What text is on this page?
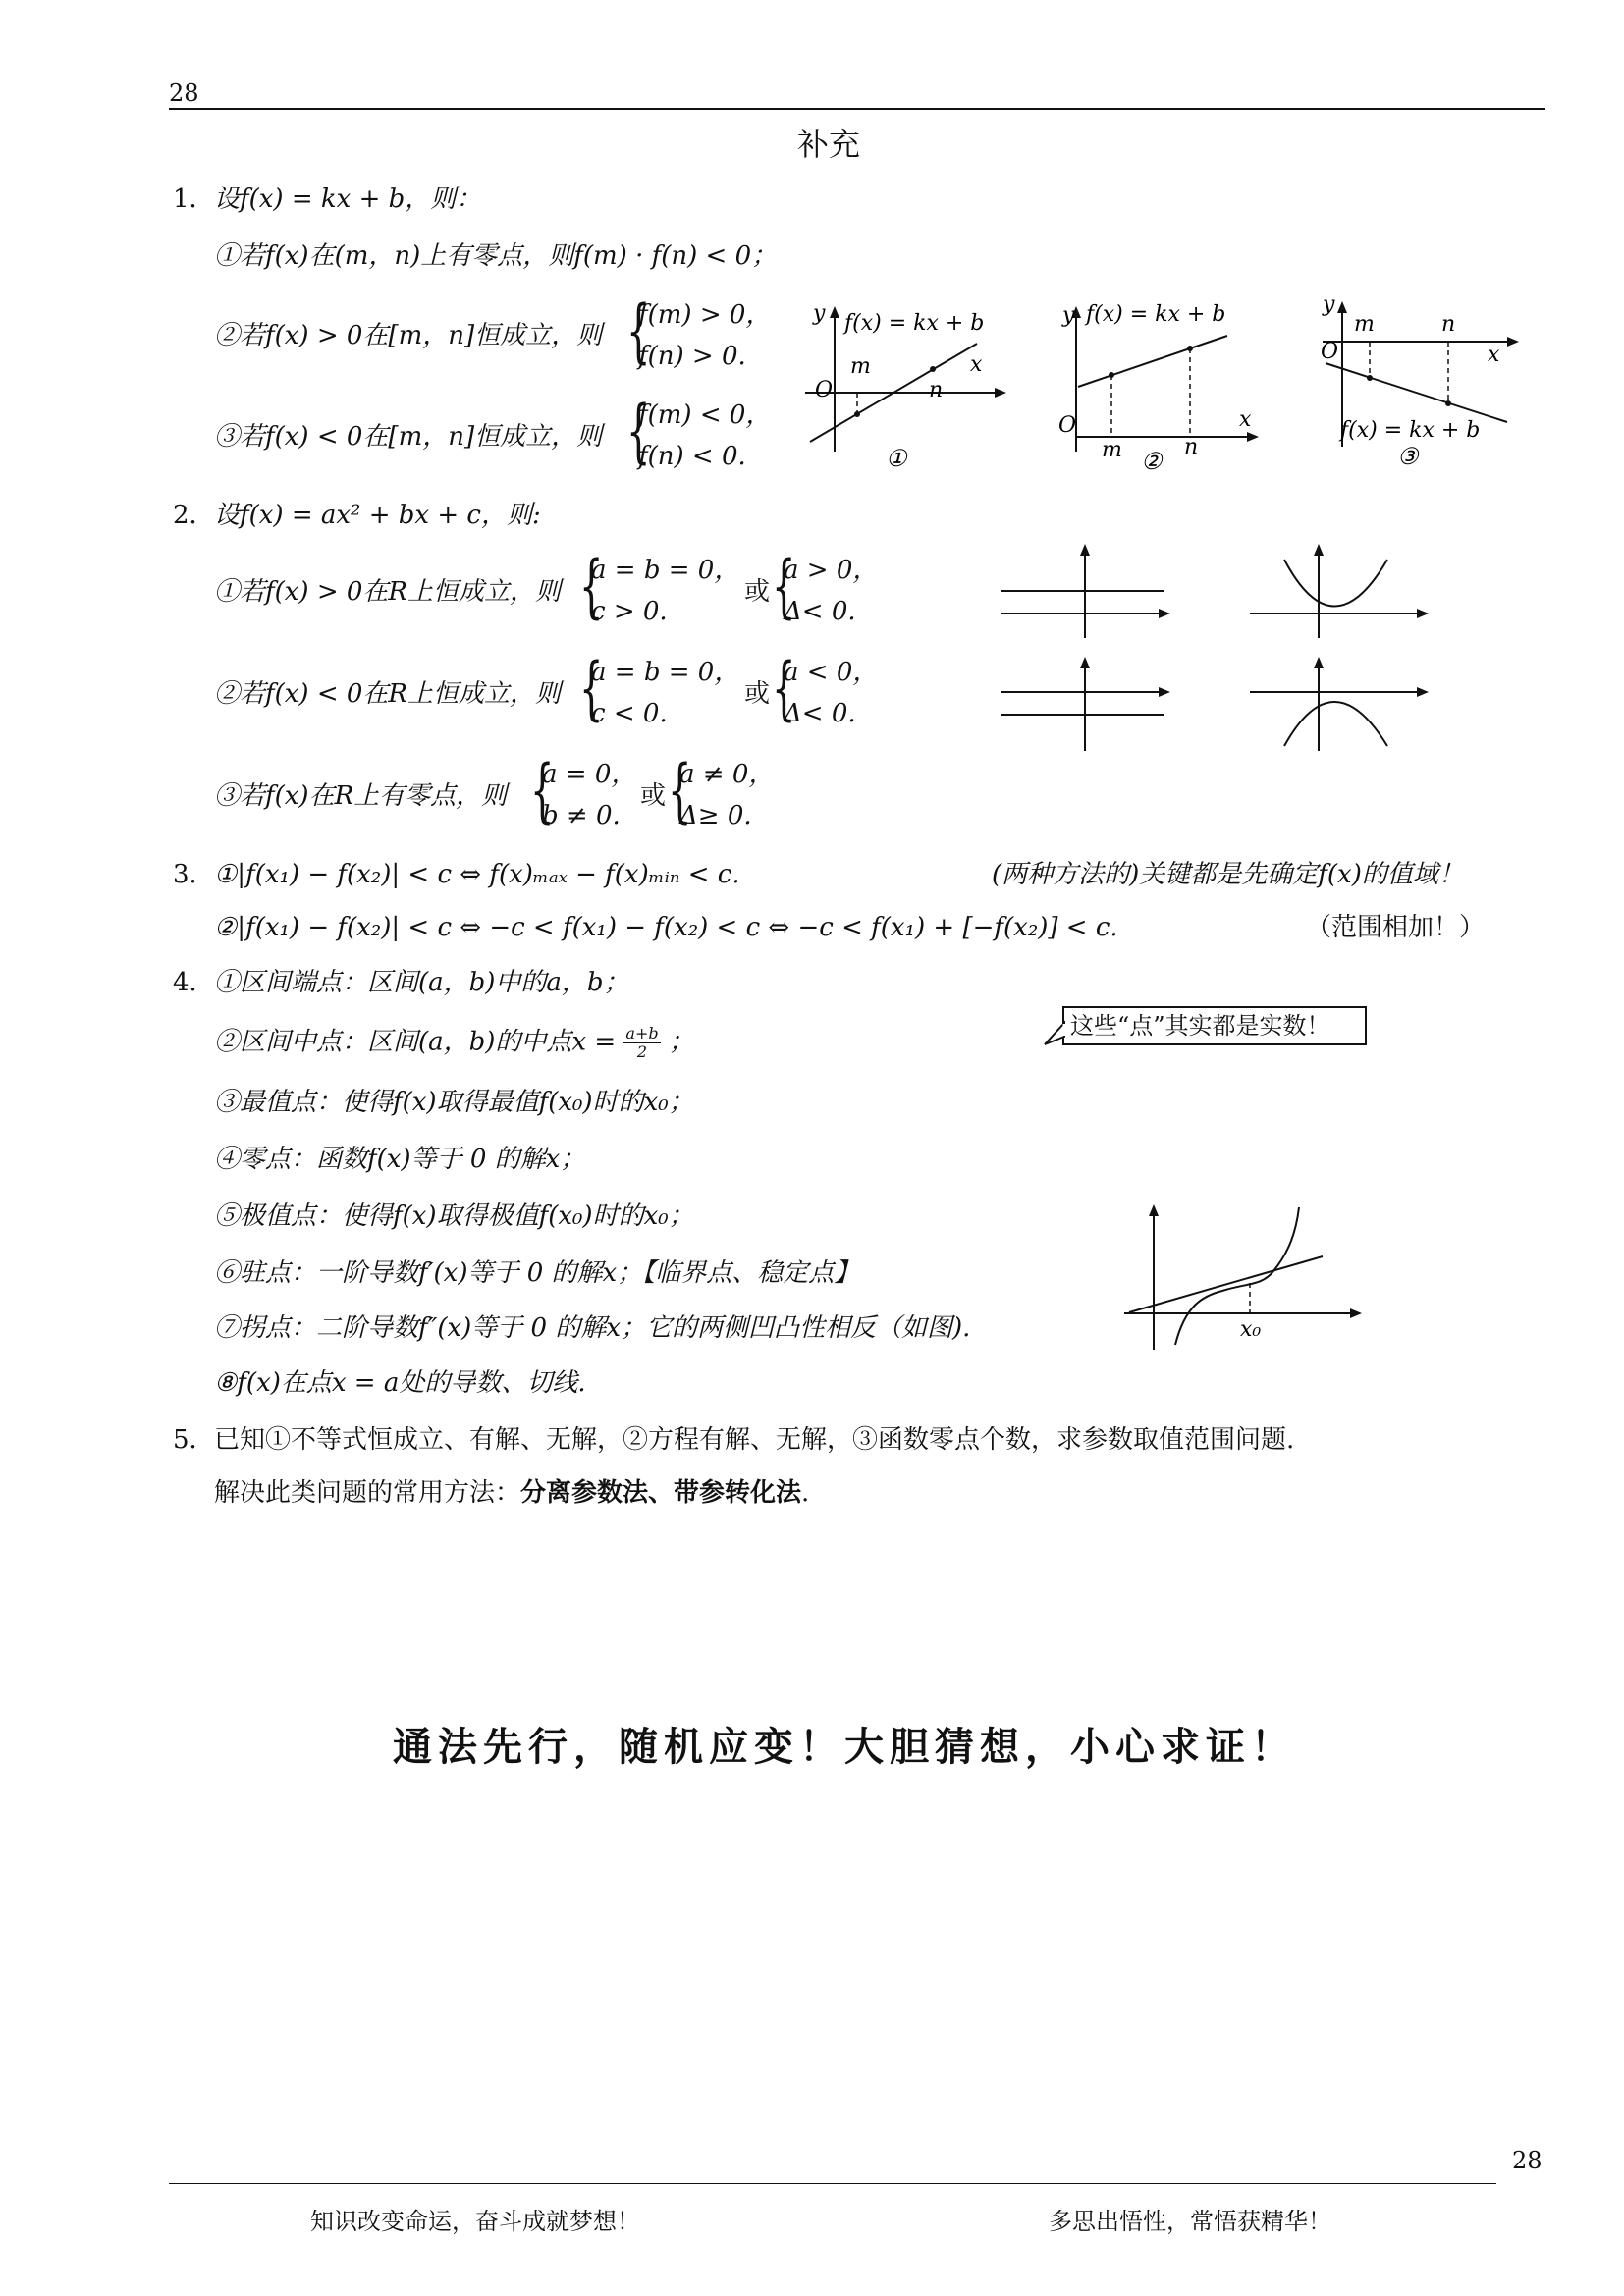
28
补充
1． 设f(x) = kx + b，则：
①若f(x)在(m，n)上有零点，则f(m) · f(n) < 0；
②若f(x) > 0在[m，n]恒成立，则 {
f(m) > 0，
f(n) > 0.
③若f(x) < 0在[m，n]恒成立，则 {
f(m) < 0，
f(n) < 0.
y f(x) = kx + b
x
m
O	n
①
y f(x) = kx + b
O	x
m	n
②
y
m	n
O	x
f(x) = kx + b
③
2． 设f(x) = ax² + bx + c，则:
①若f(x) > 0在R上恒成立，则 {
a = b = 0，
c > 0.
或 {
a > 0，
Δ< 0.
②若f(x) < 0在R上恒成立，则 {
a = b = 0，
c < 0.
或 {
a < 0，
Δ< 0.
③若f(x)在R上有零点，则 {
a = 0，
b ≠ 0.
或 {
a ≠ 0，
Δ≥ 0.
3． ①|f(x₁) − f(x₂)| < c ⇔ f(x)ₘₐₓ − f(x)ₘᵢₙ < c.	(两种方法的)关键都是先确定f(x)的值域！
②|f(x₁) − f(x₂)| < c ⇔ −c < f(x₁) − f(x₂) < c ⇔ −c < f(x₁) + [−f(x₂)] < c.	（范围相加！）
4． ①区间端点：区间(a，b)中的a，b；
②区间中点：区间(a，b)的中点$x = \frac{a+b}{2}$ ；
③最值点：使得f(x)取得最值f(x₀)时的x₀；
④零点：函数f(x)等于 0 的解x；
⑤极值点：使得f(x)取得极值f(x₀)时的x₀；
⑥驻点：一阶导数f′(x)等于 0 的解x；【临界点、稳定点】
⑦拐点：二阶导数f″(x)等于 0 的解x；它的两侧凹凸性相反（如图).
⑧f(x)在点x = a处的导数、切线.
这些“点”其实都是实数！
x₀
5． 已知①不等式恒成立、有解、无解，②方程有解、无解，③函数零点个数，求参数取值范围问题.
解决此类问题的常用方法：分离参数法、带参转化法.
通法先行，随机应变！大胆猜想，小心求证！
28
知识改变命运，奋斗成就梦想！	多思出悟性，常悟获精华！
